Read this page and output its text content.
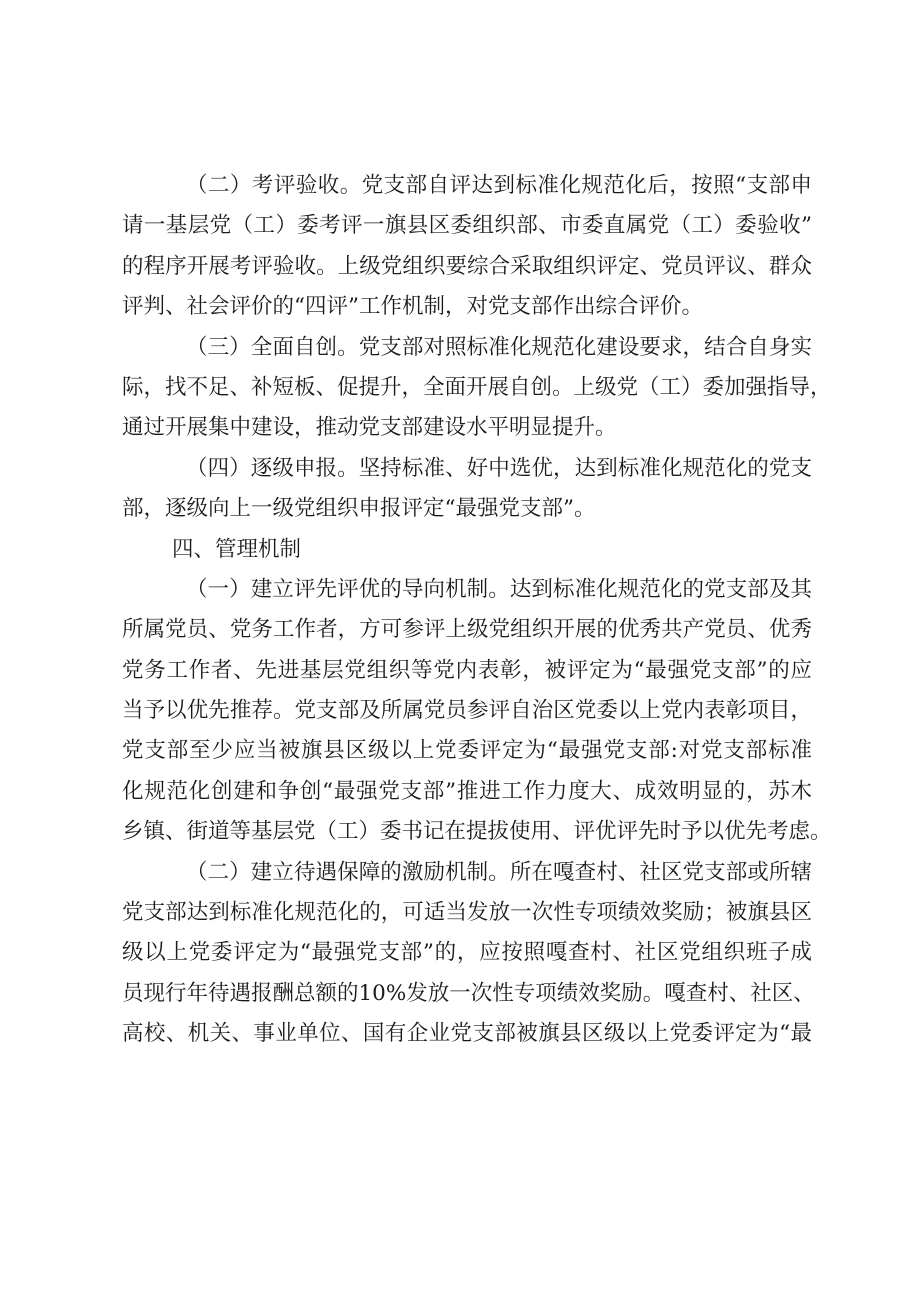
（二）考评验收。党支部自评达到标准化规范化后，按照“支部申
请一基层党（工）委考评一旗县区委组织部、市委直属党（工）委验收”
的程序开展考评验收。上级党组织要综合采取组织评定、党员评议、群众
评判、社会评价的“四评”工作机制，对党支部作出综合评价。
（三）全面自创。党支部对照标准化规范化建设要求，结合自身实
际，找不足、补短板、促提升，全面开展自创。上级党（工）委加强指导，
通过开展集中建设，推动党支部建设水平明显提升。
（四）逐级申报。坚持标准、好中选优，达到标准化规范化的党支
部，逐级向上一级党组织申报评定“最强党支部”。
四、管理机制
（一）建立评先评优的导向机制。达到标准化规范化的党支部及其
所属党员、党务工作者，方可参评上级党组织开展的优秀共产党员、优秀
党务工作者、先进基层党组织等党内表彰，被评定为“最强党支部”的应
当予以优先推荐。党支部及所属党员参评自治区党委以上党内表彰项目，
党支部至少应当被旗县区级以上党委评定为“最强党支部:对党支部标准
化规范化创建和争创“最强党支部”推进工作力度大、成效明显的，苏木
乡镇、街道等基层党（工）委书记在提拔使用、评优评先时予以优先考虑。
（二）建立待遇保障的激励机制。所在嘎查村、社区党支部或所辖
党支部达到标准化规范化的，可适当发放一次性专项绩效奖励；被旗县区
级以上党委评定为“最强党支部”的，应按照嘎查村、社区党组织班子成
员现行年待遇报酬总额的10%发放一次性专项绩效奖励。嘎查村、社区、
高校、机关、事业单位、国有企业党支部被旗县区级以上党委评定为“最
